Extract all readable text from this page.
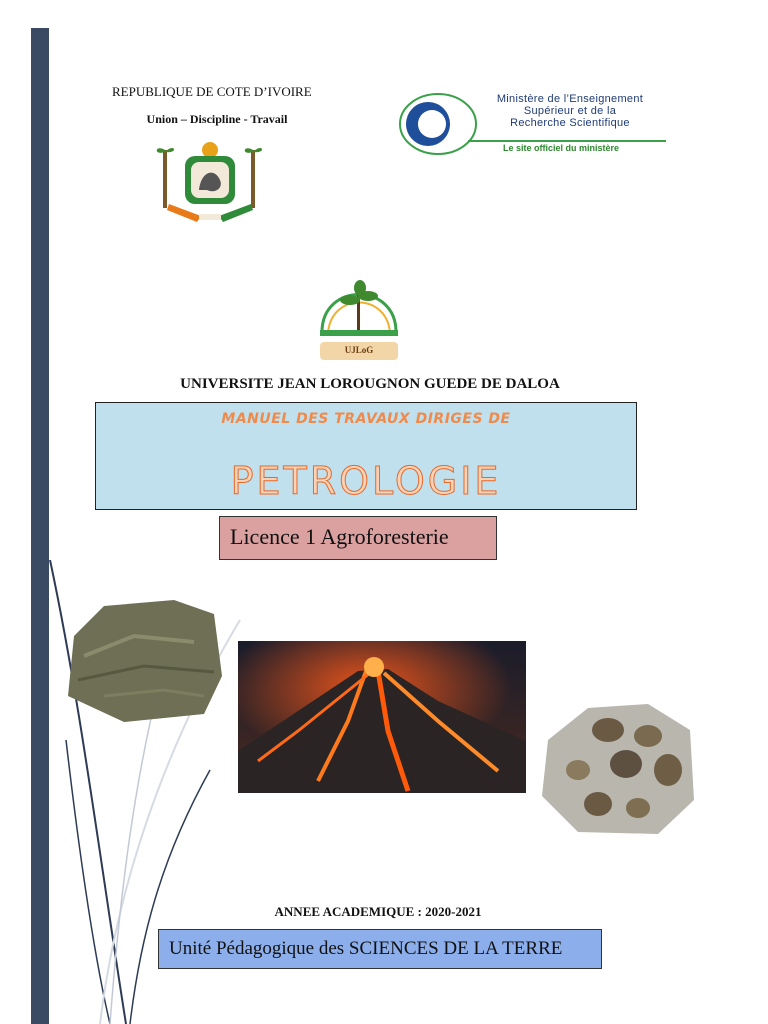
REPUBLIQUE DE COTE D’IVOIRE
Union – Discipline - Travail
Ministère de l’Enseignement
Supérieur et de la
Recherche Scientifique
Le site officiel du ministère
UJLoG
UNIVERSITE JEAN LOROUGNON GUEDE DE DALOA
MANUEL DES TRAVAUX DIRIGES DE
PETROLOGIE
Licence 1 Agroforesterie
ANNEE ACADEMIQUE : 2020-2021
Unité Pédagogique des SCIENCES DE LA TERRE
